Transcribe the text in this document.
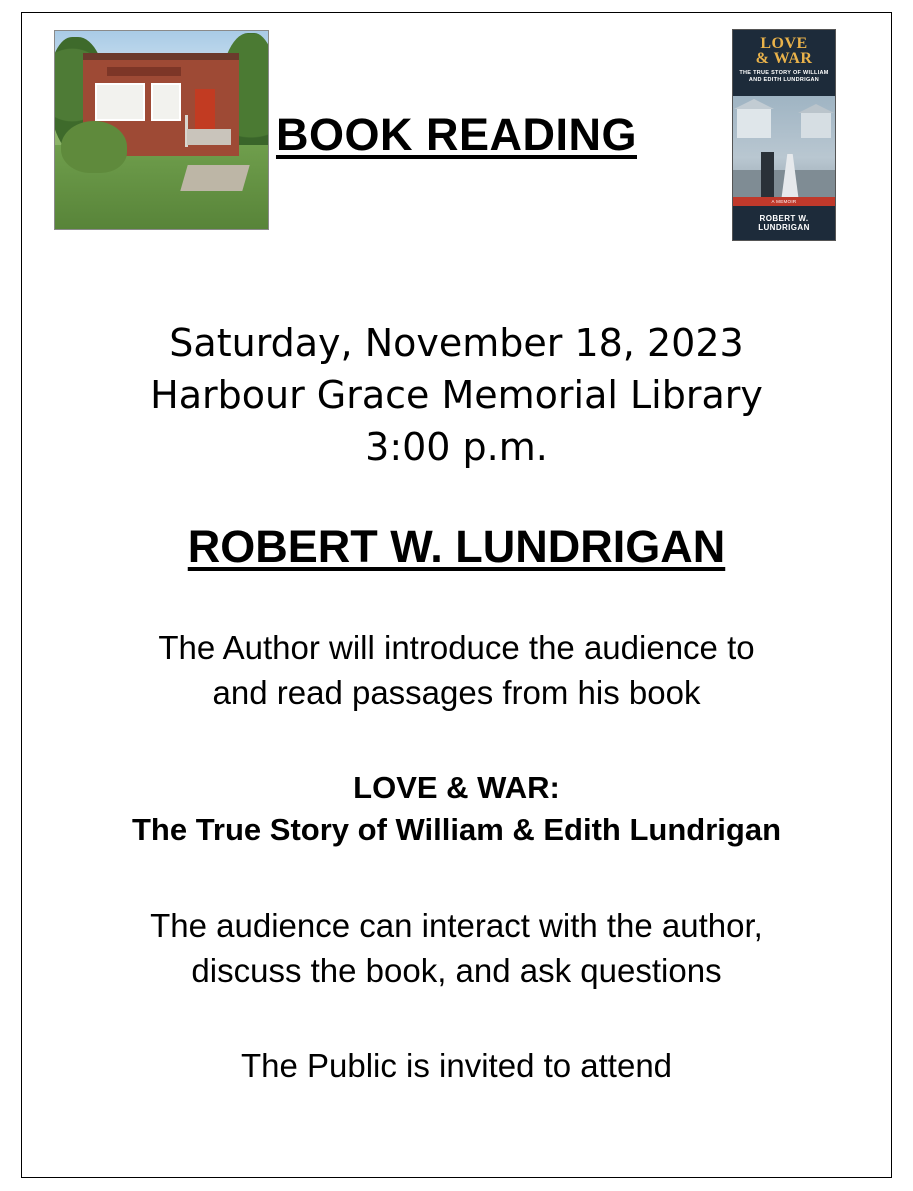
BOOK READING
LOVE
& WAR
THE TRUE STORY OF WILLIAM AND EDITH LUNDRIGAN
A MEMOIR
ROBERT W. LUNDRIGAN
Saturday, November 18, 2023
Harbour Grace Memorial Library
3:00 p.m.
ROBERT W. LUNDRIGAN
The Author will introduce the audience to
and read passages from his book
LOVE & WAR:
The True Story of William & Edith Lundrigan
The audience can interact with the author,
discuss the book, and ask questions
The Public is invited to attend
